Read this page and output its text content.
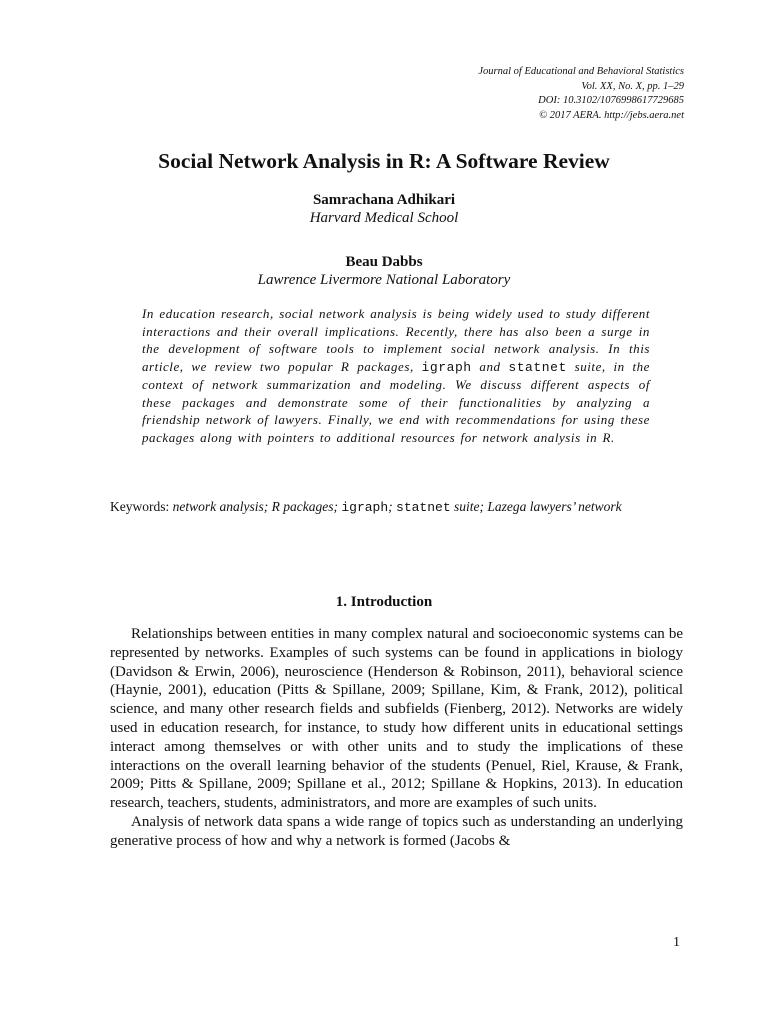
Journal of Educational and Behavioral Statistics
Vol. XX, No. X, pp. 1–29
DOI: 10.3102/1076998617729685
© 2017 AERA. http://jebs.aera.net
Social Network Analysis in R: A Software Review
Samrachana Adhikari
Harvard Medical School
Beau Dabbs
Lawrence Livermore National Laboratory

In education research, social network analysis is being widely used to study different interactions and their overall implications. Recently, there has also been a surge in the development of software tools to implement social network analysis. In this article, we review two popular R packages, igraph and statnet suite, in the context of network summarization and modeling. We discuss different aspects of these packages and demonstrate some of their functionalities by analyzing a friendship network of lawyers. Finally, we end with recommendations for using these packages along with pointers to additional resources for network analysis in R.

Keywords: network analysis; R packages; igraph; statnet suite; Lazega lawyers’ network

1. Introduction

Relationships between entities in many complex natural and socioeconomic systems can be represented by networks. Examples of such systems can be found in applications in biology (Davidson & Erwin, 2006), neuroscience (Henderson & Robinson, 2011), behavioral science (Haynie, 2001), education (Pitts & Spillane, 2009; Spillane, Kim, & Frank, 2012), political science, and many other research fields and subfields (Fienberg, 2012). Networks are widely used in education research, for instance, to study how different units in educational settings interact among themselves or with other units and to study the implications of these interactions on the overall learning behavior of the students (Penuel, Riel, Krause, & Frank, 2009; Pitts & Spillane, 2009; Spillane et al., 2012; Spillane & Hopkins, 2013). In education research, teachers, students, administrators, and more are examples of such units.

Analysis of network data spans a wide range of topics such as understanding an underlying generative process of how and why a network is formed (Jacobs &

1
